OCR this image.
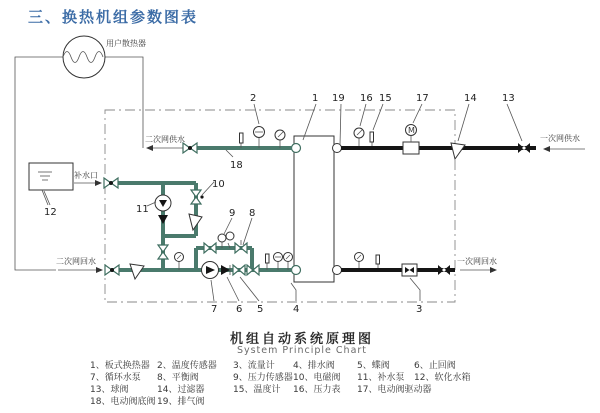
三、换热机组参数图表
用户散热器
二次网供水
补水口
二次网回水
M
一次网供水
一次网回水
2	1 19 16 15 17	14	13
18
10
11
12	9 8
7 6 5	4	3
机组自动系统原理图
System Principle Chart
1、板式换热器 2、温度传感器 3、流量计 4、排水阀 5、蝶阀	6、止回阀
7、循环水泵 8、平衡阀	9、压力传感器 10、电磁阀 11、补水泵 12、软化水箱
13、球阀	14、过滤器	15、温度计 16、压力表 17、电动阀驱动器
18、电动阀底阀 19、排气阀
